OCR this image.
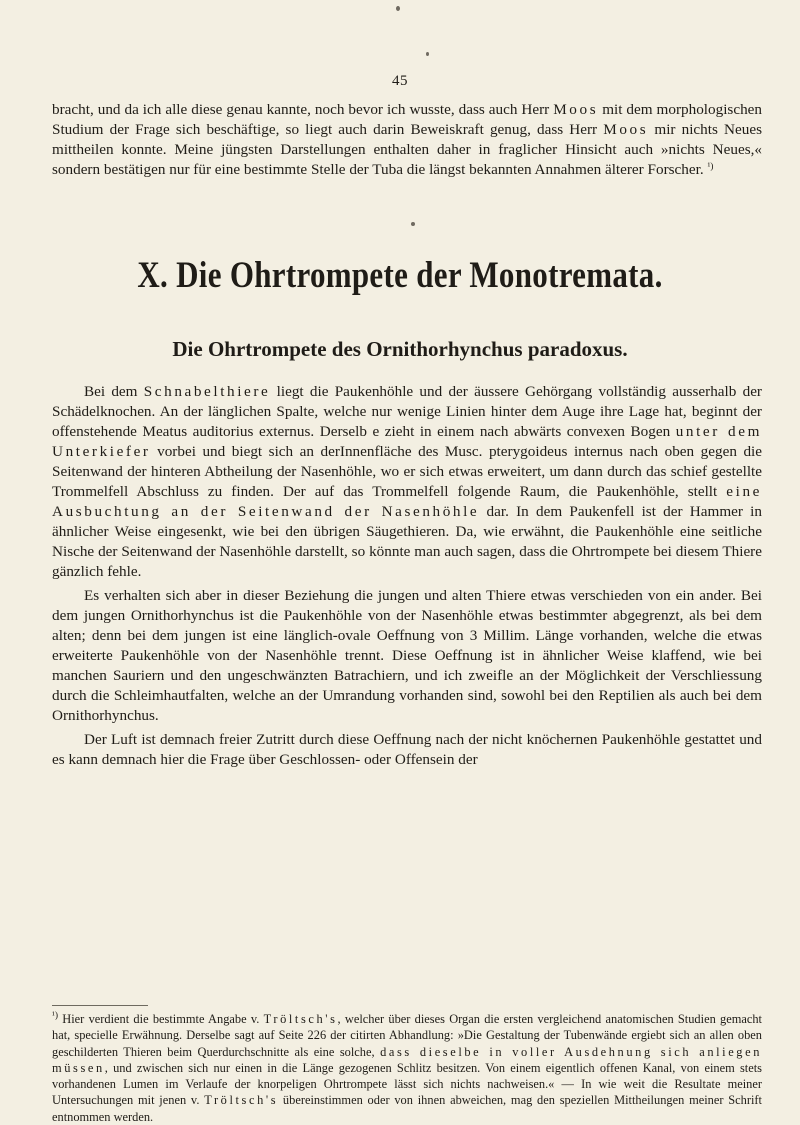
45

bracht, und da ich alle diese genau kannte, noch bevor ich wusste, dass auch Herr Moos mit dem morphologischen Studium der Frage sich beschäftige, so liegt auch darin Beweiskraft genug, dass Herr Moos mir nichts Neues mittheilen konnte. Meine jüngsten Darstellungen enthalten daher in fraglicher Hinsicht auch »nichts Neues,« sondern bestätigen nur für eine bestimmte Stelle der Tuba die längst bekannten Annahmen älterer Forscher. $^{^1)}$

X. Die Ohrtrompete der Monotremata.
Die Ohrtrompete des Ornithorhynchus paradoxus.

Bei dem Schnabelthiere liegt die Paukenhöhle und der äussere Gehörgang vollständig ausserhalb der Schädelknochen. An der länglichen Spalte, welche nur wenige Linien hinter dem Auge ihre Lage hat, beginnt der offenstehende Meatus auditorius externus. Derselb e zieht in einem nach abwärts convexen Bogen unter dem Unterkiefer vorbei und biegt sich an derInnenfläche des Musc. pterygoideus internus nach oben gegen die Seitenwand der hinteren Abtheilung der Nasenhöhle, wo er sich etwas erweitert, um dann durch das schief gestellte Trommelfell Abschluss zu finden. Der auf das Trommelfell folgende Raum, die Paukenhöhle, stellt eine Ausbuchtung an der Seitenwand der Nasenhöhle dar. In dem Paukenfell ist der Hammer in ähnlicher Weise eingesenkt, wie bei den übrigen Säugethieren. Da, wie erwähnt, die Paukenhöhle eine seitliche Nische der Seitenwand der Nasenhöhle darstellt, so könnte man auch sagen, dass die Ohrtrompete bei diesem Thiere gänzlich fehle.

Es verhalten sich aber in dieser Beziehung die jungen und alten Thiere etwas verschieden von ein ander. Bei dem jungen Ornithorhynchus ist die Paukenhöhle von der Nasenhöhle etwas bestimmter abgegrenzt, als bei dem alten; denn bei dem jungen ist eine länglich-ovale Oeffnung von 3 Millim. Länge vorhanden, welche die etwas erweiterte Paukenhöhle von der Nasenhöhle trennt. Diese Oeffnung ist in ähnlicher Weise klaffend, wie bei manchen Sauriern und den ungeschwänzten Batrachiern, und ich zweifle an der Möglichkeit der Verschliessung durch die Schleimhautfalten, welche an der Umrandung vorhanden sind, sowohl bei den Reptilien als auch bei dem Ornithorhynchus.

Der Luft ist demnach freier Zutritt durch diese Oeffnung nach der nicht knöchernen Paukenhöhle gestattet und es kann demnach hier die Frage über Geschlossen- oder Offensein der

$^{^1)}$ Hier verdient die bestimmte Angabe v. Tröltsch's, welcher über dieses Organ die ersten vergleichend anatomischen Studien gemacht hat, specielle Erwähnung. Derselbe sagt auf Seite 226 der citirten Abhandlung: »Die Gestaltung der Tubenwände ergiebt sich an allen oben geschilderten Thieren beim Querdurchschnitte als eine solche, dass dieselbe in voller Ausdehnung sich anliegen müssen, und zwischen sich nur einen in die Länge gezogenen Schlitz besitzen. Von einem eigentlich offenen Kanal, von einem stets vorhandenen Lumen im Verlaufe der knorpeligen Ohrtrompete lässt sich nichts nachweisen.« — In wie weit die Resultate meiner Untersuchungen mit jenen v. Tröltsch's übereinstimmen oder von ihnen abweichen, mag den speziellen Mittheilungen meiner Schrift entnommen werden.
